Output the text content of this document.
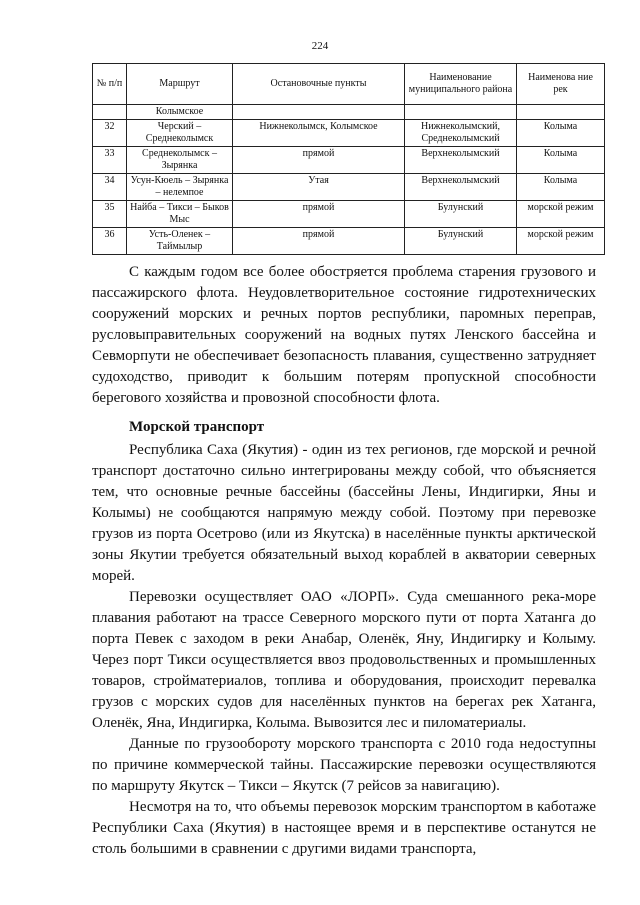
224
№ п/п	Маршрут	Остановочные пункты	Наименование муниципального района	Наименова ние рек
	Колымское			
32	Черский – Среднеколымск	Нижнеколымск, Колымское	Нижнеколымский, Среднеколымский	Колыма
33	Среднеколымск – Зырянка	прямой	Верхнеколымский	Колыма
34	Усун-Кюель – Зырянка – нелемпое	Утая	Верхнеколымский	Колыма
35	Найба – Тикси – Быков Мыс	прямой	Булунский	морской режим
36	Усть-Оленек – Таймылыр	прямой	Булунский	морской режим

С каждым годом все более обостряется проблема старения грузового и пассажирского флота. Неудовлетворительное состояние гидротехнических сооружений морских и речных портов республики, паромных переправ, русловыправительных сооружений на водных путях Ленского бассейна и Севморпути не обеспечивает безопасность плавания, существенно затрудняет судоходство, приводит к большим потерям пропускной способности берегового хозяйства и провозной способности флота.

Морской транспорт

Республика Саха (Якутия) - один из тех регионов, где морской и речной транспорт достаточно сильно интегрированы между собой, что объясняется тем, что основные речные бассейны (бассейны Лены, Индигирки, Яны и Колымы) не сообщаются напрямую между собой. Поэтому при перевозке грузов из порта Осетрово (или из Якутска) в населённые пункты арктической зоны Якутии требуется обязательный выход кораблей в акватории северных морей.

Перевозки осуществляет ОАО «ЛОРП». Суда смешанного река-море плавания работают на трассе Северного морского пути от порта Хатанга до порта Певек с заходом в реки Анабар, Оленёк, Яну, Индигирку и Колыму. Через порт Тикси осуществляется ввоз продовольственных и промышленных товаров, стройматериалов, топлива и оборудования, происходит перевалка грузов с морских судов для населённых пунктов на берегах рек Хатанга, Оленёк, Яна, Индигирка, Колыма. Вывозится лес и пиломатериалы.

Данные по грузообороту морского транспорта с 2010 года недоступны по причине коммерческой тайны. Пассажирские перевозки осуществляются по маршруту Якутск – Тикси – Якутск (7 рейсов за навигацию).

Несмотря на то, что объемы перевозок морским транспортом в каботаже Республики Саха (Якутия) в настоящее время и в перспективе останутся не столь большими в сравнении с другими видами транспорта,
